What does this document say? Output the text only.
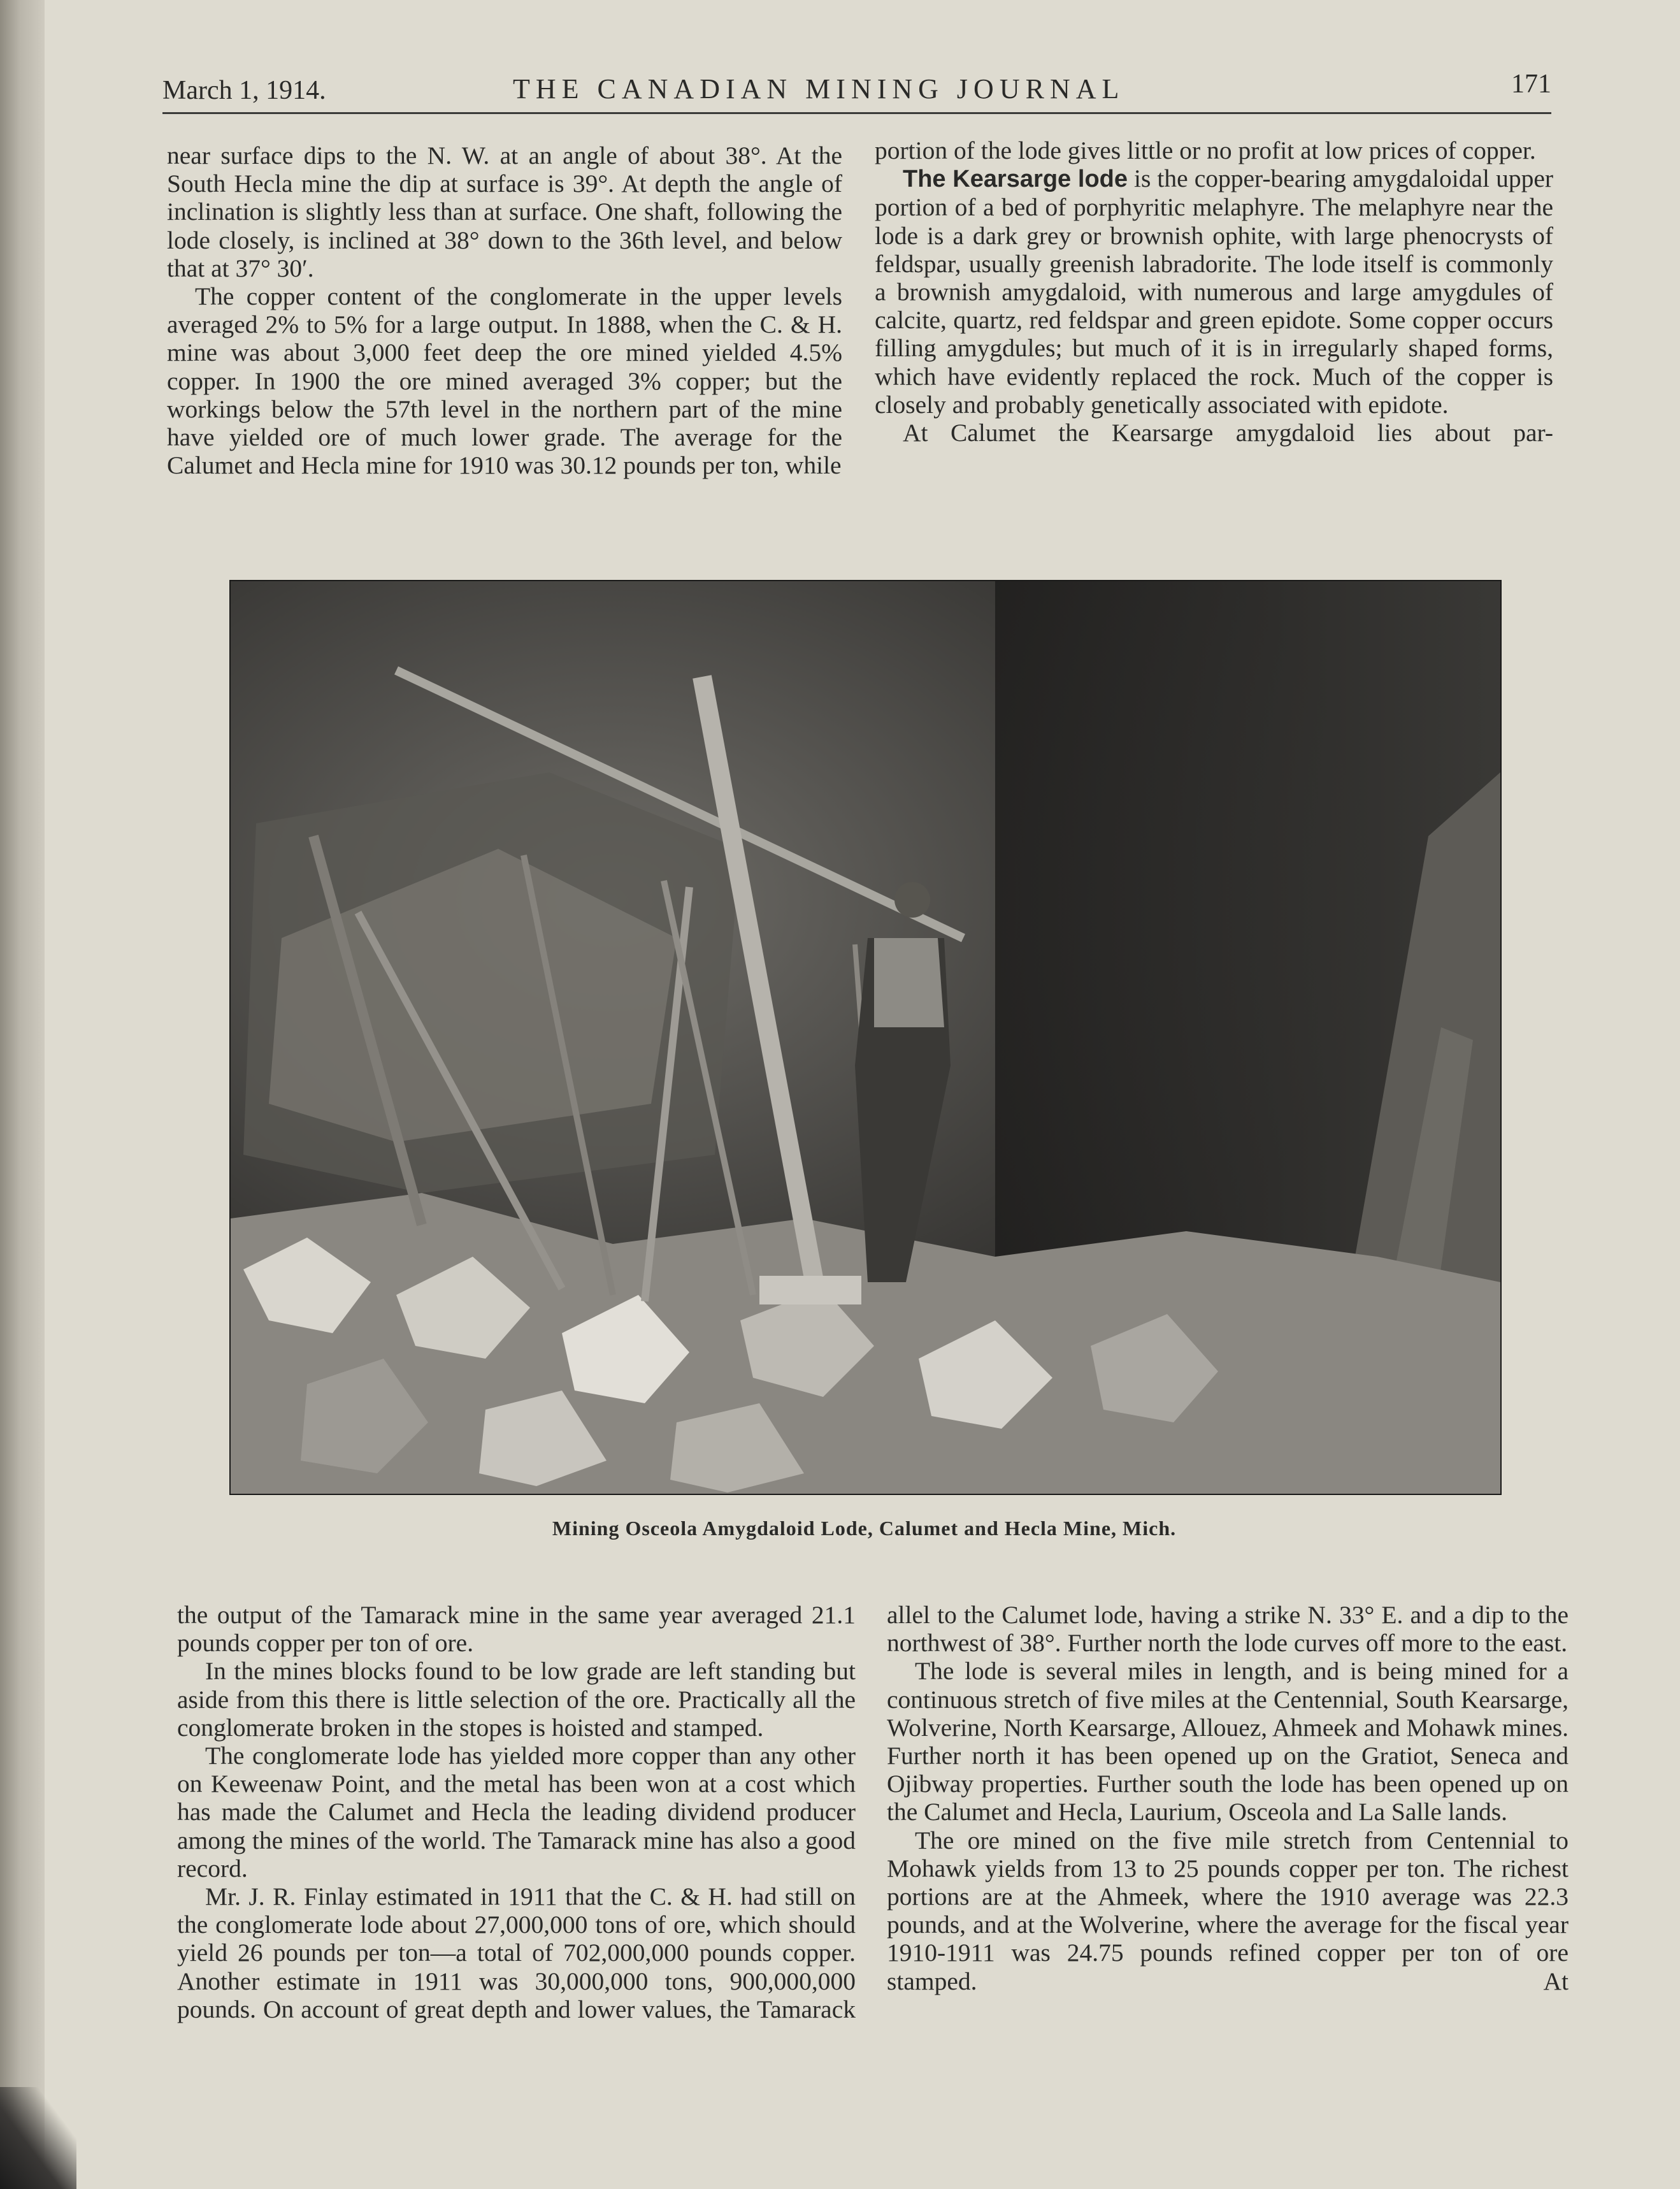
March 1, 1914.	THE CANADIAN MINING JOURNAL	171

near surface dips to the N. W. at an angle of about 38°. At the South Hecla mine the dip at surface is 39°. At depth the angle of inclination is slightly less than at surface. One shaft, following the lode closely, is inclined at 38° down to the 36th level, and below that at 37° 30′.

The copper content of the conglomerate in the upper levels averaged 2% to 5% for a large output. In 1888, when the C. & H. mine was about 3,000 feet deep the ore mined yielded 4.5% copper. In 1900 the ore mined averaged 3% copper; but the workings below the 57th level in the northern part of the mine have yielded ore of much lower grade. The average for the Calumet and Hecla mine for 1910 was 30.12 pounds per ton, while

portion of the lode gives little or no profit at low prices of copper.

The Kearsarge lode is the copper-bearing amygdaloidal upper portion of a bed of porphyritic melaphyre. The melaphyre near the lode is a dark grey or brownish ophite, with large phenocrysts of feldspar, usually greenish labradorite. The lode itself is commonly a brownish amygdaloid, with numerous and large amygdules of calcite, quartz, red feldspar and green epidote. Some copper occurs filling amygdules; but much of it is in irregularly shaped forms, which have evidently replaced the rock. Much of the copper is closely and probably genetically associated with epidote.

At Calumet the Kearsarge amygdaloid lies about par-

Mining Osceola Amygdaloid Lode, Calumet and Hecla Mine, Mich.

the output of the Tamarack mine in the same year averaged 21.1 pounds copper per ton of ore.

In the mines blocks found to be low grade are left standing but aside from this there is little selection of the ore. Practically all the conglomerate broken in the stopes is hoisted and stamped.

The conglomerate lode has yielded more copper than any other on Keweenaw Point, and the metal has been won at a cost which has made the Calumet and Hecla the leading dividend producer among the mines of the world. The Tamarack mine has also a good record.

Mr. J. R. Finlay estimated in 1911 that the C. & H. had still on the conglomerate lode about 27,000,000 tons of ore, which should yield 26 pounds per ton—a total of 702,000,000 pounds copper. Another estimate in 1911 was 30,000,000 tons, 900,000,000 pounds. On account of great depth and lower values, the Tamarack

allel to the Calumet lode, having a strike N. 33° E. and a dip to the northwest of 38°. Further north the lode curves off more to the east.

The lode is several miles in length, and is being mined for a continuous stretch of five miles at the Centennial, South Kearsarge, Wolverine, North Kearsarge, Allouez, Ahmeek and Mohawk mines. Further north it has been opened up on the Gratiot, Seneca and Ojibway properties. Further south the lode has been opened up on the Calumet and Hecla, Laurium, Osceola and La Salle lands.

The ore mined on the five mile stretch from Centennial to Mohawk yields from 13 to 25 pounds copper per ton. The richest portions are at the Ahmeek, where the 1910 average was 22.3 pounds, and at the Wolverine, where the average for the fiscal year 1910-1911 was 24.75 pounds refined copper per ton of ore stamped. At
